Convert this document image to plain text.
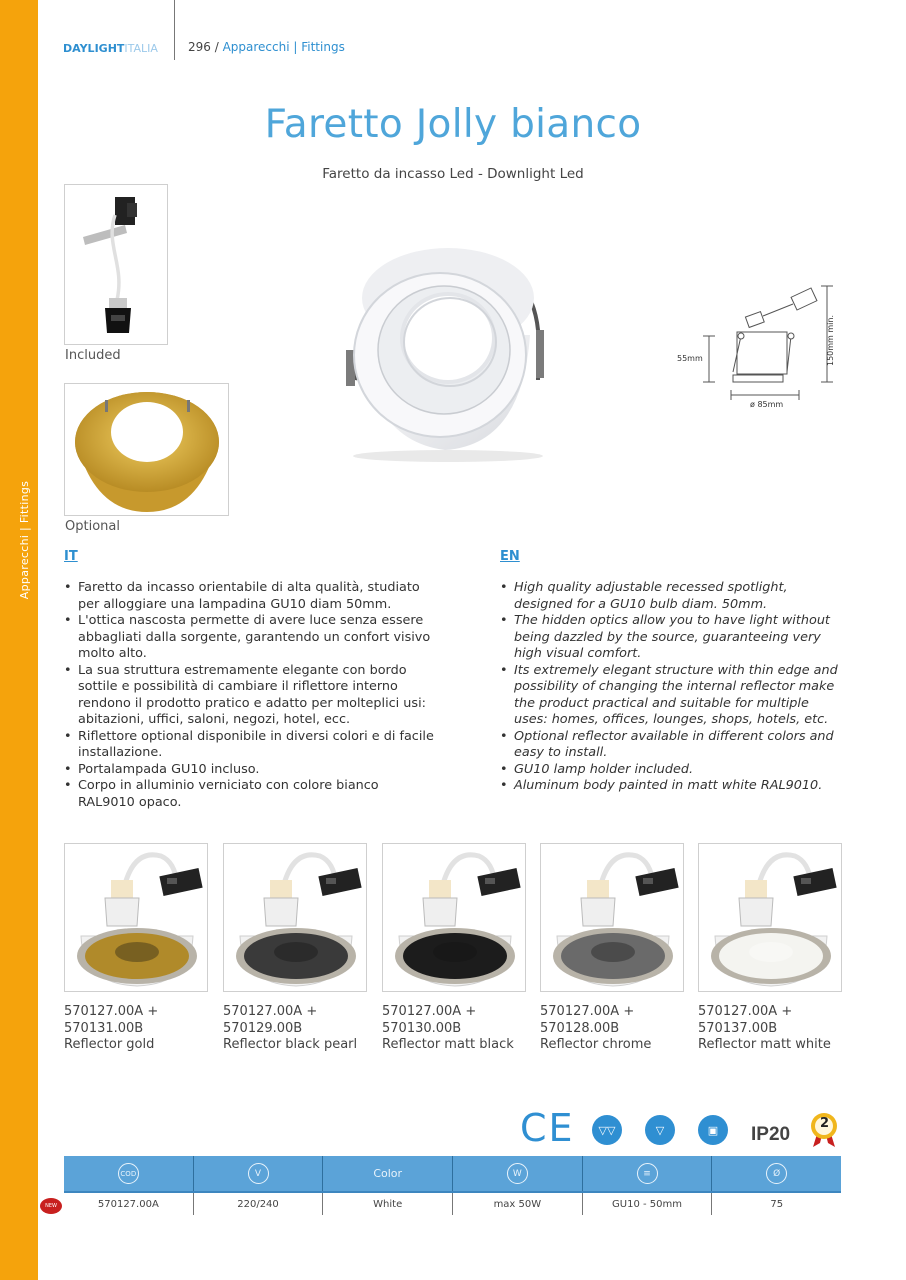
Apparecchi | Fittings
DAYLIGHT ITALIA	296 / Apparecchi | Fittings
Faretto Jolly bianco
Faretto da incasso Led - Downlight Led
Included
Optional
55mm	150mm min.
ø 85mm
IT
• Faretto da incasso orientabile di alta qualità, studiato per alloggiare una lampadina GU10 diam 50mm.
• L'ottica nascosta permette di avere luce senza essere abbagliati dalla sorgente, garantendo un confort visivo molto alto.
• La sua struttura estremamente elegante con bordo sottile e possibilità di cambiare il riflettore interno rendono il prodotto pratico e adatto per molteplici usi: abitazioni, uffici, saloni, negozi, hotel, ecc.
• Riflettore optional disponibile in diversi colori e di facile installazione.
• Portalampada GU10 incluso.
• Corpo in alluminio verniciato con colore bianco RAL9010 opaco.
EN
• High quality adjustable recessed spotlight, designed for a GU10 bulb diam. 50mm.
• The hidden optics allow you to have light without being dazzled by the source, guaranteeing very high visual comfort.
• Its extremely elegant structure with thin edge and possibility of changing the internal reflector make the product practical and suitable for multiple uses: homes, offices, lounges, shops, hotels, etc.
• Optional reflector available in different colors and easy to install.
• GU10 lamp holder included.
• Aluminum body painted in matt white RAL9010.
570127.00A +
570131.00B
Reflector gold
570127.00A +
570129.00B
Reflector black pearl
570127.00A +
570130.00B
Reflector matt black
570127.00A +
570128.00B
Reflector chrome
570127.00A +
570137.00B
Reflector matt white
CE	▽▽	▽	▣	IP20
2
COD	V	Color	W	≡	Ø
570127.00A	220/240	White	max 50W	GU10 - 50mm	75
NEW
